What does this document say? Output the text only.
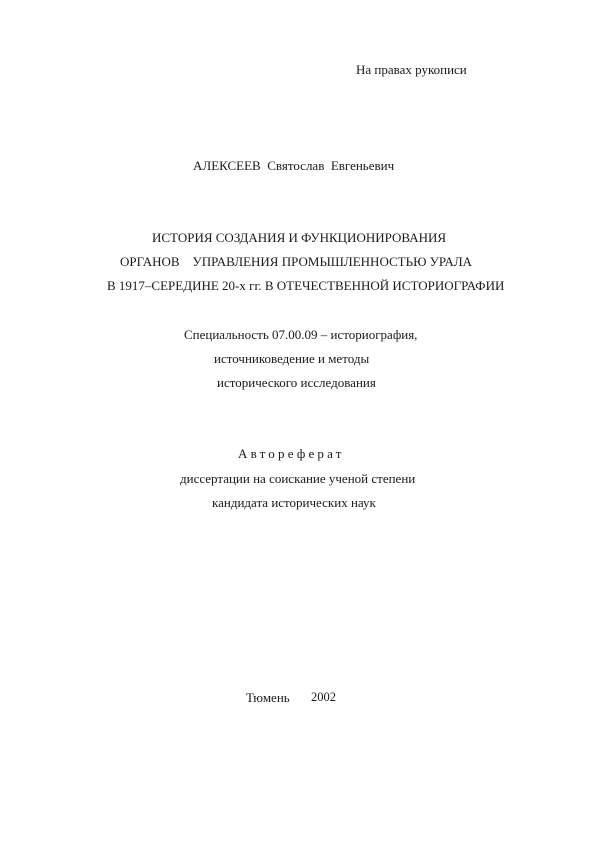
На правах рукописи
АЛЕКСЕЕВ  Святослав  Евгеньевич
ИСТОРИЯ СОЗДАНИЯ И ФУНКЦИОНИРОВАНИЯ
ОРГАНОВ    УПРАВЛЕНИЯ ПРОМЫШЛЕННОСТЬЮ УРАЛА
В 1917–СЕРЕДИНЕ 20-х гг. В ОТЕЧЕСТВЕННОЙ ИСТОРИОГРАФИИ
Специальность 07.00.09 – историография,
источниковедение и методы
исторического исследования
Автореферат
диссертации на соискание ученой степени
кандидата исторических наук
Тюмень 2002
